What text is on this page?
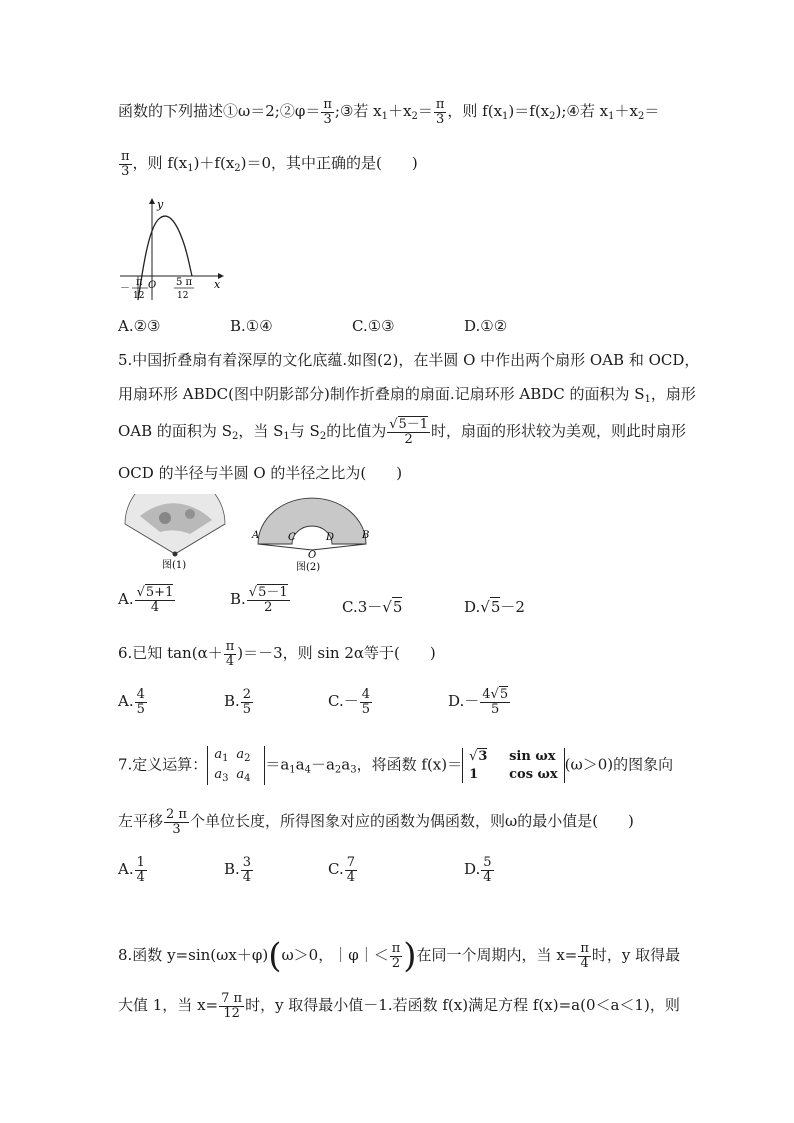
函数的下列描述①ω＝2;②φ＝ $\frac{\pi}{3}$ ;③若 $x_1+x_2= \frac{\pi}{3}$ ，则 $f(x_1)=f(x_2);④$若 $x_1+x_2=$
$\frac{\pi}{3}$ ，则 $f(x_1)+f(x_2)=0$，其中正确的是(　　)
y
x
O
－
π
12
5 π
12
A.②③	B.①④	C.①③	D.①②
5.中国折叠扇有着深厚的文化底蕴.如图(2)，在半圆 O 中作出两个扇形 OAB 和 OCD，
用扇环形 ABDC(图中阴影部分)制作折叠扇的扇面.记扇环形 ABDC 的面积为 $S_1$，扇形
OAB 的面积为 $S_2$，当 $S_1$与 $S_2$的比值为 $\frac{√5-1}{2}$ 时，扇面的形状较为美观，则此时扇形
OCD 的半径与半圆 O 的半径之比为(　　)
图(1)
A	C	D	B
O
图(2)
A. $\frac{√5+1}{4}$	B. $\frac{√5-1}{2}$	C.3－√5	D.√5－2
6.已知 $\tan(\alpha+ \frac{\pi}{4} )=-3$，则 sin 2α等于(　　)
A. $\frac{4}{5}$	B. $\frac{2}{5}$	$C.- \frac{4}{5}$	$D.- \frac{4√5}{5}$
7.定义运算：$a_1$ $a_2$
$a_3$ $a_4=a_1a_4-a_2a_3$，将函数 f(x)＝ √3 sin ωx
1 cos ωx(ω＞0)的图象向
左平移 $\frac{2 \pi}{3}$ 个单位长度，所得图象对应的函数为偶函数，则ω的最小值是(　　)
A. $\frac{1}{4}$	B. $\frac{3}{4}$	C. $\frac{7}{4}$	D. $\frac{5}{4}$
8.函数 y=sin(ωx＋φ)(ω＞0，｜φ｜＜ $\frac{\pi}{2}$ )在同一个周期内，当 $x= \frac{\pi}{4}$ 时，y 取得最
大值 1，当 $x= \frac{7 \pi}{12}$ 时，y 取得最小值－1.若函数 f(x)满足方程 f(x)=a(0＜a＜1)，则
